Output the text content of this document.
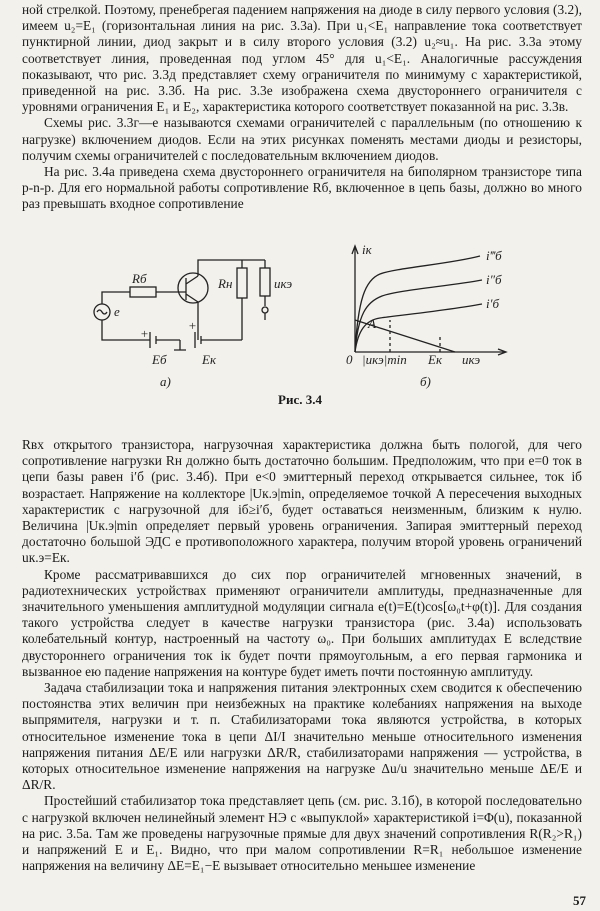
ной стрелкой. Поэтому, пренебрегая падением напряжения на диоде в силу первого условия (3.2), имеем u₂=E₁ (горизонтальная линия на рис. 3.3а). При u₁<E₁ направление тока соответствует пунктирной линии, диод закрыт и в силу второго условия (3.2) u₂≈u₁. На рис. 3.3а этому соответствует линия, проведенная под углом 45° для u₁<E₁. Аналогичные рассуждения показывают, что рис. 3.3д представляет схему ограничителя по минимуму с характеристикой, приведенной на рис. 3.3б. На рис. 3.3е изображена схема двустороннего ограничителя с уровнями ограничения E₁ и E₂, характеристика которого соответствует показанной на рис. 3.3в.

Схемы рис. 3.3г—е называются схемами ограничителей с параллельным (по отношению к нагрузке) включением диодов. Если на этих рисунках поменять местами диоды и резисторы, получим схемы ограничителей с последовательным включением диодов.

На рис. 3.4а приведена схема двустороннего ограничителя на биполярном транзисторе типа p-n-p. Для его нормальной работы сопротивление Rб, включенное в цепь базы, должно во много раз превышать входное сопротивление

Rб	Rн	uкэ
e
Eб	Eк
+
+
а)	б)
iк	i‴б
i″б
i′б
A
0 |uкэ|min Eк uкэ
Рис. 3.4

Rвх открытого транзистора, нагрузочная характеристика должна быть пологой, для чего сопротивление нагрузки Rн должно быть достаточно большим. Предположим, что при e=0 ток в цепи базы равен i′б (рис. 3.4б). При e<0 эмиттерный переход открывается сильнее, ток iб возрастает. Напряжение на коллекторе |Uк.э|min, определяемое точкой A пересечения выходных характеристик с нагрузочной для iб≥i′б, будет оставаться неизменным, близким к нулю. Величина |Uк.э|min определяет первый уровень ограничения. Запирая эмиттерный переход достаточно большой ЭДС e противоположного характера, получим второй уровень ограничений uк.э=Eк.

Кроме рассматривавшихся до сих пор ограничителей мгновенных значений, в радиотехнических устройствах применяют ограничители амплитуды, предназначенные для значительного уменьшения амплитудной модуляции сигнала e(t)=E(t)cos[ω₀t+φ(t)]. Для создания такого устройства следует в качестве нагрузки транзистора (рис. 3.4а) использовать колебательный контур, настроенный на частоту ω₀. При больших амплитудах E вследствие двустороннего ограничения ток iк будет почти прямоугольным, а его первая гармоника и вызванное ею падение напряжения на контуре будет иметь почти постоянную амплитуду.

Задача стабилизации тока и напряжения питания электронных схем сводится к обеспечению постоянства этих величин при неизбежных на практике колебаниях напряжения на выходе выпрямителя, нагрузки и т. п. Стабилизаторами тока являются устройства, в которых относительное изменение тока в цепи ΔI/I значительно меньше относительного изменения напряжения питания ΔE/E или нагрузки ΔR/R, стабилизаторами напряжения — устройства, в которых относительное изменение напряжения на нагрузке Δu/u значительно меньше ΔE/E и ΔR/R.

Простейший стабилизатор тока представляет цепь (см. рис. 3.1б), в которой последовательно с нагрузкой включен нелинейный элемент НЭ с «выпуклой» характеристикой i=Φ(u), показанной на рис. 3.5а. Там же проведены нагрузочные прямые для двух значений сопротивления R(R₂>R₁) и напряжений E и E₁. Видно, что при малом сопротивлении R=R₁ небольшое изменение напряжения на величину ΔE=E₁−E вызывает относительно меньшее изменение

57
